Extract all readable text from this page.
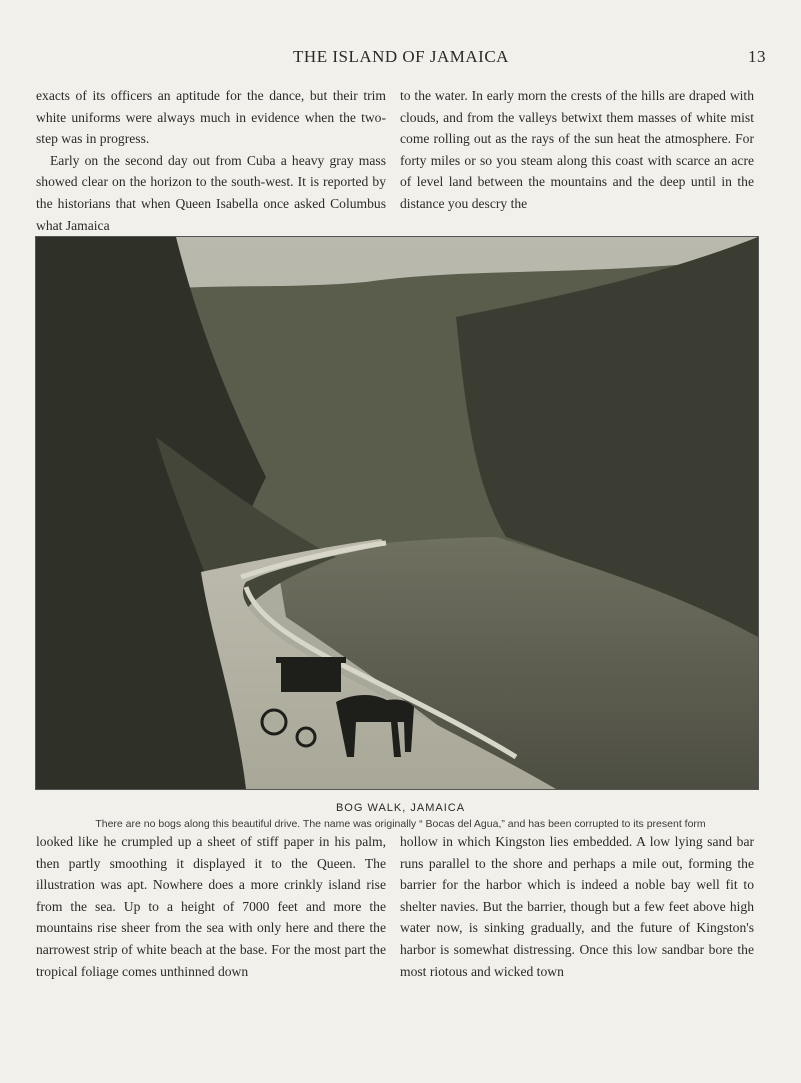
THE ISLAND OF JAMAICA	13

exacts of its officers an aptitude for the dance, but their trim white uniforms were always much in evidence when the two-step was in progress.

Early on the second day out from Cuba a heavy gray mass showed clear on the horizon to the south-west. It is reported by the historians that when Queen Isabella once asked Columbus what Jamaica

to the water. In early morn the crests of the hills are draped with clouds, and from the valleys betwixt them masses of white mist come rolling out as the rays of the sun heat the atmosphere. For forty miles or so you steam along this coast with scarce an acre of level land between the mountains and the deep until in the distance you descry the

BOG WALK, JAMAICA
There are no bogs along this beautiful drive. The name was originally “ Bocas del Agua,” and has been corrupted to its present form

looked like he crumpled up a sheet of stiff paper in his palm, then partly smoothing it displayed it to the Queen. The illustration was apt. Nowhere does a more crinkly island rise from the sea. Up to a height of 7000 feet and more the mountains rise sheer from the sea with only here and there the narrowest strip of white beach at the base. For the most part the tropical foliage comes unthinned down

hollow in which Kingston lies embedded. A low lying sand bar runs parallel to the shore and perhaps a mile out, forming the barrier for the harbor which is indeed a noble bay well fit to shelter navies. But the barrier, though but a few feet above high water now, is sinking gradually, and the future of Kingston's harbor is somewhat distressing. Once this low sandbar bore the most riotous and wicked town
